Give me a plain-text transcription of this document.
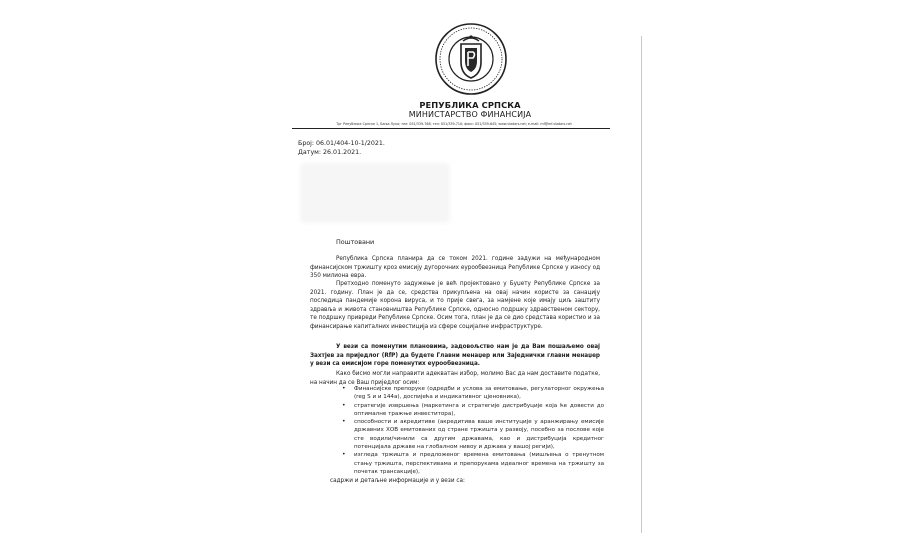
РЕПУБЛИКА СРПСКА
МИНИСТАРСТВО ФИНАНСИЈА
Трг Републике Српске 1, Бања Лука; тел: 051/339-768; тел: 051/339-710; факс: 051/339-645; www.vladars.net; e-mail: mf@mf.vladars.net
Број: 06.01/404-10-1/2021.
Датум: 26.01.2021.
Поштовани
Република Српска планира да се током 2021. године задужи на међународном финансијском тржишту кроз емисију дугорочних еурообвезница Републике Српске у износу од 350 милиона евра.
Претходно поменуто задужење је већ пројектовано у Буџету Републике Српске за 2021. годину. План је да се, средства прикупљена на овај начин користе за санацију последица пандемије корона вируса, и то прије свега, за намјене које имају циљ заштиту здравља и живота становништва Републике Српске, односно подршку здравственом сектору, те подршку привреди Републике Српске. Осим тога, план је да се дио средстава користио и за финансирање капиталних инвестиција из сфере социјалне инфраструктуре.
У вези са поменутим плановима, задовољство нам је да Вам пошаљемо овај Захтјев за приједлог (RfP) да будете Главни менаџер или Заједнички главни менаџер у вези са емисијом горе поменутих еурообвезница.
Како бисмо могли направити адекватан избор, молимо Вас да нам доставите податке, на начин да се Ваш приједлог осим:
• Финансијске препоруке (одредби и услова за емитовање, регулаторног окружења (reg S и и 144a), доспијећа и индикативног цјеновника),
• стратегије извршења (маркетинга и стратегије дистрибуције која ће довести до оптималне тражње инвеститора),
• способности и акредитиве (акредитива ваше институције у аранжирању емисије државних ХОВ емитованих од стране тржишта у развоју, посебно за послове које сте водили/чинили са другим државама, као и дистрибуција кредитног потенцијала државе на глобалном нивоу и држава у вашој регији),
• изгледа тржишта и предложеног времена емитовања (мишљења о тренутном стању тржишта, перспективама и препорукама идеалног времена на тржишту за почетак трансакције),
садржи и детаљне информације и у вези са:
